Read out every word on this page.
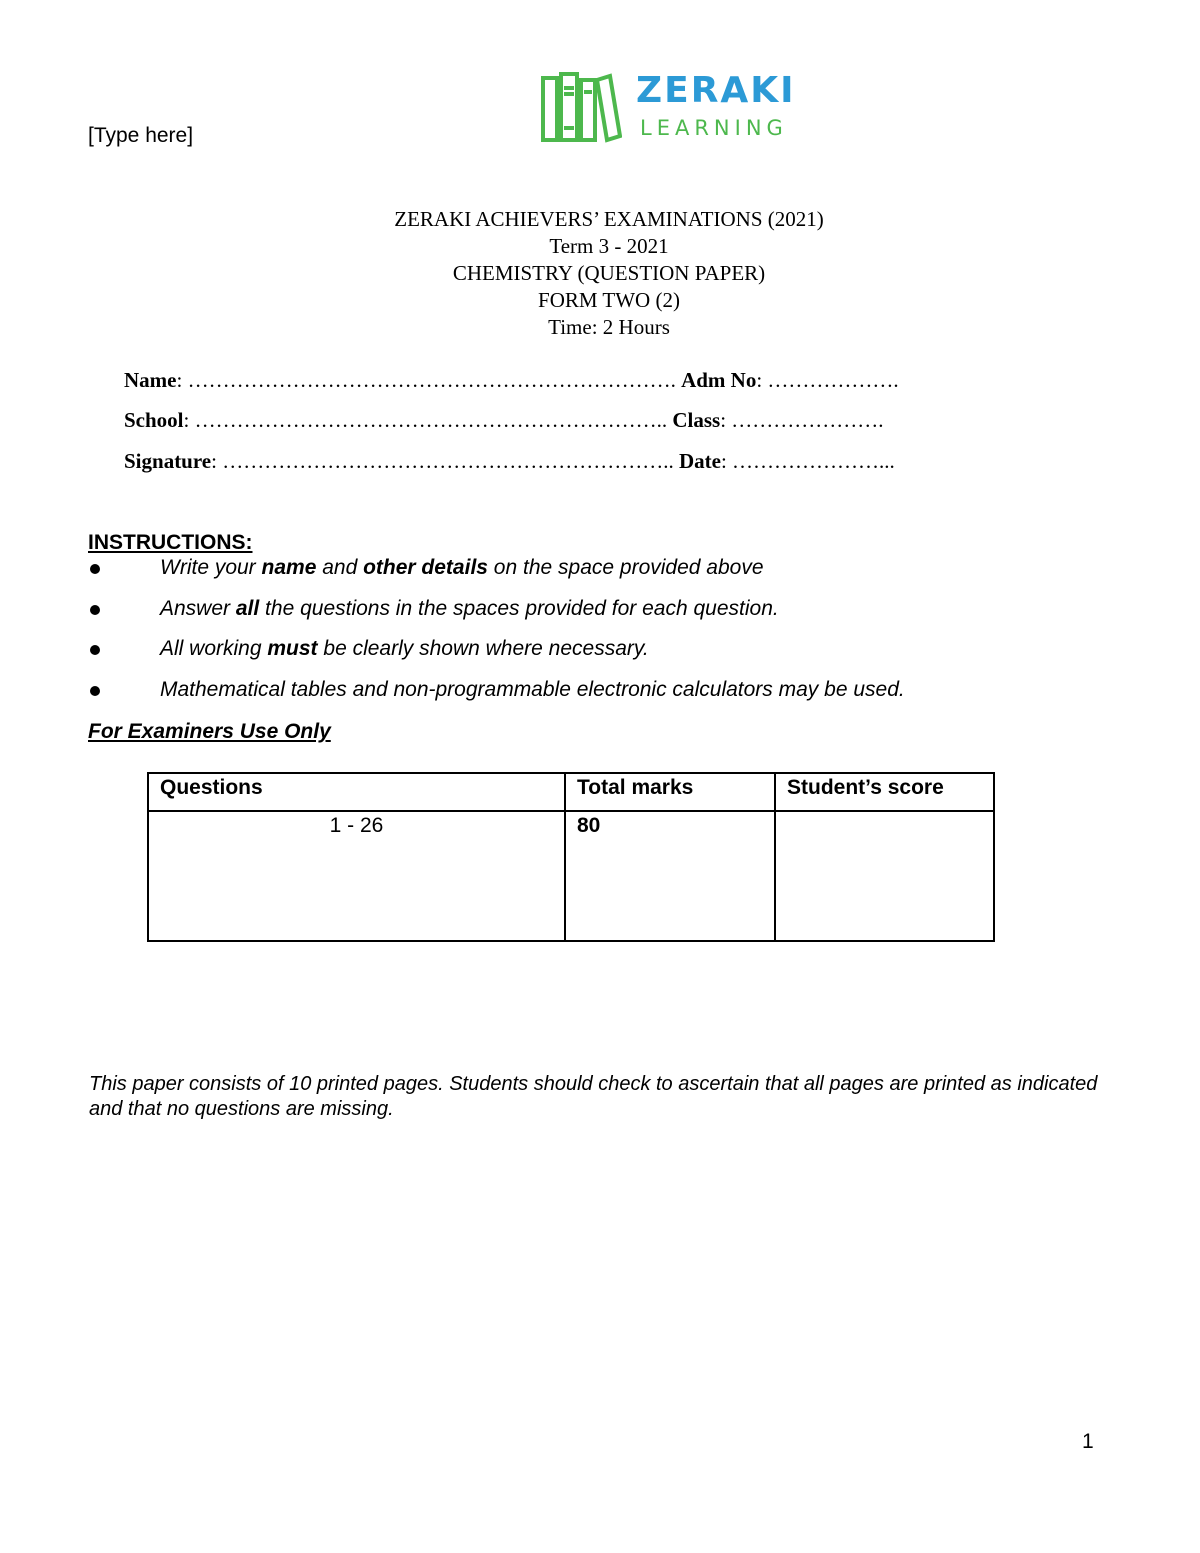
[Type here]
ZERAKI
LEARNING
ZERAKI ACHIEVERS’ EXAMINATIONS (2021)
Term 3 - 2021
CHEMISTRY (QUESTION PAPER)
FORM TWO (2)
Time: 2 Hours
Name: ……………………………………………………………. Adm No: ……………….
School: ………………………………………………………….. Class: ………………….
Signature: ……………………………………………………….. Date: …………………...
INSTRUCTIONS:
Write your name and other details on the space provided above
Answer all the questions in the spaces provided for each question.
All working must be clearly shown where necessary.
Mathematical tables and non-programmable electronic calculators may be used.
For Examiners Use Only
Questions	Total marks	Student’s score
1 - 26	80	
This paper consists of 10 printed pages. Students should check to ascertain that all pages are printed as indicated and that no questions are missing.
1
